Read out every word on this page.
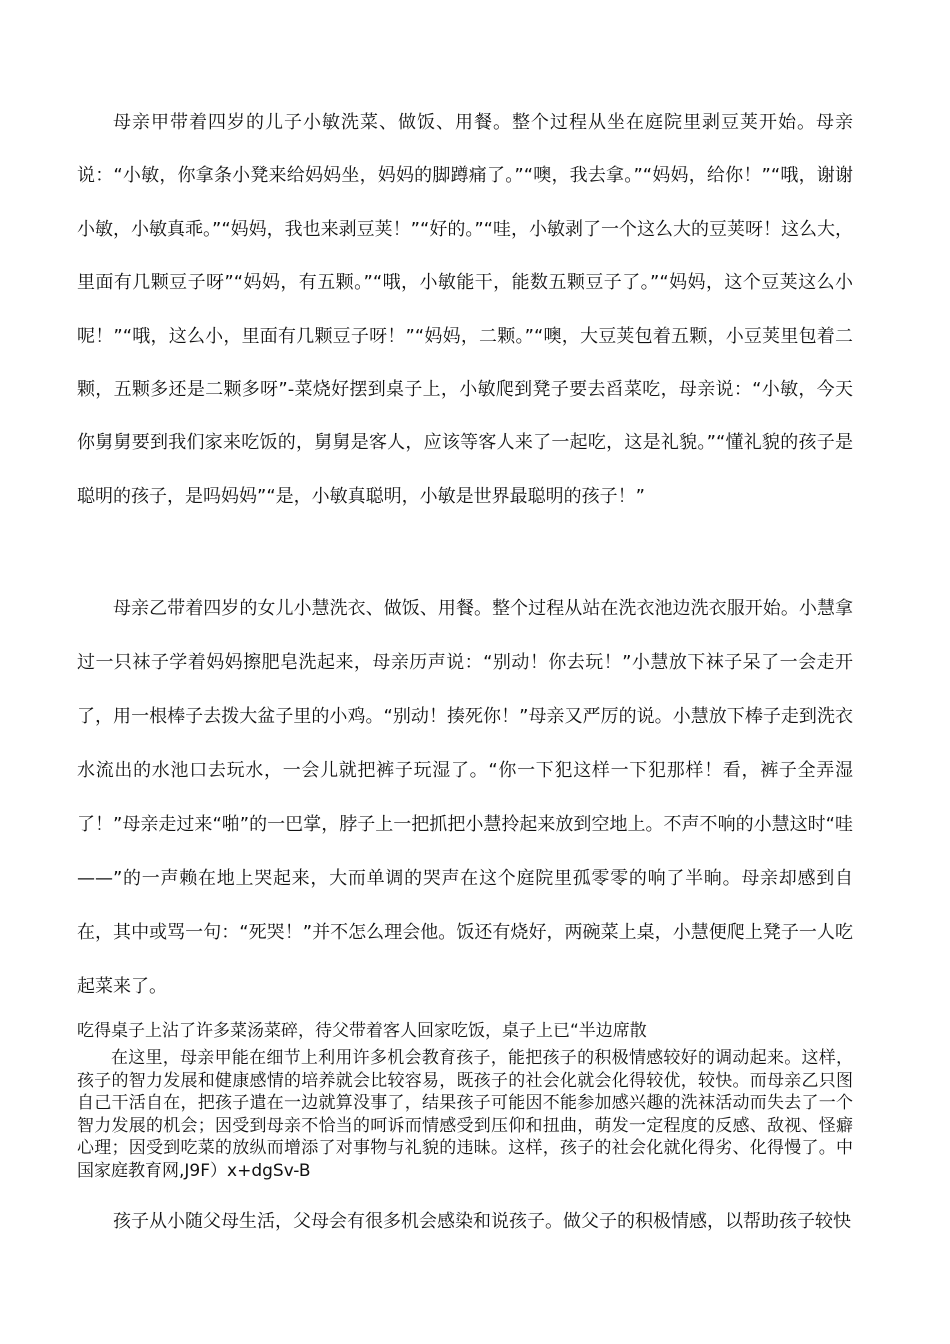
母亲甲带着四岁的儿子小敏洗菜、做饭、用餐。整个过程从坐在庭院里剥豆荚开始。母亲说：“小敏，你拿条小凳来给妈妈坐，妈妈的脚蹲痛了。”“噢，我去拿。”“妈妈，给你！”“哦，谢谢小敏，小敏真乖。”“妈妈，我也来剥豆荚！”“好的。”“哇，小敏剥了一个这么大的豆荚呀！这么大，里面有几颗豆子呀”“妈妈，有五颗。”“哦，小敏能干，能数五颗豆子了。”“妈妈，这个豆荚这么小呢！”“哦，这么小，里面有几颗豆子呀！”“妈妈，二颗。”“噢，大豆荚包着五颗，小豆荚里包着二颗，五颗多还是二颗多呀”-菜烧好摆到桌子上，小敏爬到凳子要去舀菜吃，母亲说：“小敏，今天你舅舅要到我们家来吃饭的，舅舅是客人，应该等客人来了一起吃，这是礼貌。”“懂礼貌的孩子是聪明的孩子，是吗妈妈”“是，小敏真聪明，小敏是世界最聪明的孩子！”

母亲乙带着四岁的女儿小慧洗衣、做饭、用餐。整个过程从站在洗衣池边洗衣服开始。小慧拿过一只袜子学着妈妈擦肥皂洗起来，母亲历声说：“别动！你去玩！”小慧放下袜子呆了一会走开了，用一根棒子去拨大盆子里的小鸡。“别动！揍死你！”母亲又严厉的说。小慧放下棒子走到洗衣水流出的水池口去玩水，一会儿就把裤子玩湿了。“你一下犯这样一下犯那样！看，裤子全弄湿了！”母亲走过来“啪”的一巴掌，脖子上一把抓把小慧拎起来放到空地上。不声不响的小慧这时“哇——”的一声赖在地上哭起来，大而单调的哭声在这个庭院里孤零零的响了半晌。母亲却感到自在，其中或骂一句：“死哭！”并不怎么理会他。饭还有烧好，两碗菜上桌，小慧便爬上凳子一人吃起菜来了。

吃得桌子上沾了许多菜汤菜碎，待父带着客人回家吃饭，桌子上已“半边席散

在这里，母亲甲能在细节上利用许多机会教育孩子，能把孩子的积极情感较好的调动起来。这样，孩子的智力发展和健康感情的培养就会比较容易，既孩子的社会化就会化得较优，较快。而母亲乙只图自己干活自在，把孩子遣在一边就算没事了，结果孩子可能因不能参加感兴趣的洗袜活动而失去了一个智力发展的机会；因受到母亲不恰当的呵诉而情感受到压仰和扭曲，萌发一定程度的反感、敌视、怪癖心理；因受到吃菜的放纵而增添了对事物与礼貌的违昧。这样，孩子的社会化就化得劣、化得慢了。中国家庭教育网,J9F）x+dgSv-B

孩子从小随父母生活，父母会有很多机会感染和说孩子。做父子的积极情感，以帮助孩子较快
